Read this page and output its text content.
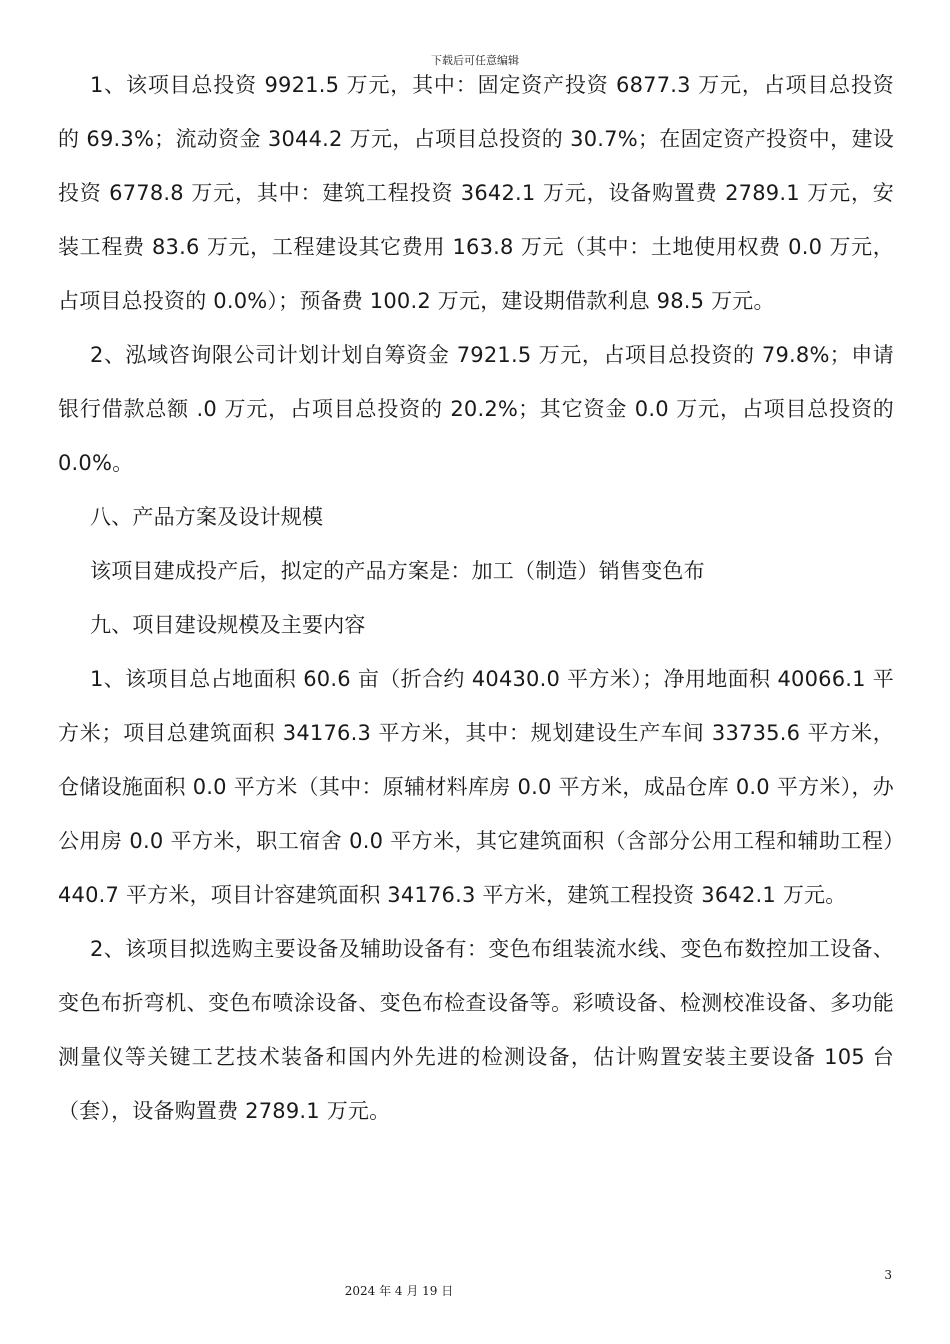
下载后可任意编辑

1、该项目总投资 9921.5 万元，其中：固定资产投资 6877.3 万元，占项目总投资的 69.3%；流动资金 3044.2 万元，占项目总投资的 30.7%；在固定资产投资中，建设投资 6778.8 万元，其中：建筑工程投资 3642.1 万元，设备购置费 2789.1 万元，安装工程费 83.6 万元，工程建设其它费用 163.8 万元（其中：土地使用权费 0.0 万元，占项目总投资的 0.0%）；预备费 100.2 万元，建设期借款利息 98.5 万元。

2、泓域咨询限公司计划计划自筹资金 7921.5 万元，占项目总投资的 79.8%；申请银行借款总额 .0 万元，占项目总投资的 20.2%；其它资金 0.0 万元，占项目总投资的 0.0%。

八、产品方案及设计规模

该项目建成投产后，拟定的产品方案是：加工（制造）销售变色布

九、项目建设规模及主要内容

1、该项目总占地面积 60.6 亩（折合约 40430.0 平方米）；净用地面积 40066.1 平方米；项目总建筑面积 34176.3 平方米，其中：规划建设生产车间 33735.6 平方米，仓储设施面积 0.0 平方米（其中：原辅材料库房 0.0 平方米，成品仓库 0.0 平方米），办公用房 0.0 平方米，职工宿舍 0.0 平方米，其它建筑面积（含部分公用工程和辅助工程）440.7 平方米，项目计容建筑面积 34176.3 平方米，建筑工程投资 3642.1 万元。

2、该项目拟选购主要设备及辅助设备有：变色布组装流水线、变色布数控加工设备、变色布折弯机、变色布喷涂设备、变色布检查设备等。彩喷设备、检测校准设备、多功能测量仪等关键工艺技术装备和国内外先进的检测设备，估计购置安装主要设备 105 台（套），设备购置费 2789.1 万元。

3
2024 年 4 月 19 日
